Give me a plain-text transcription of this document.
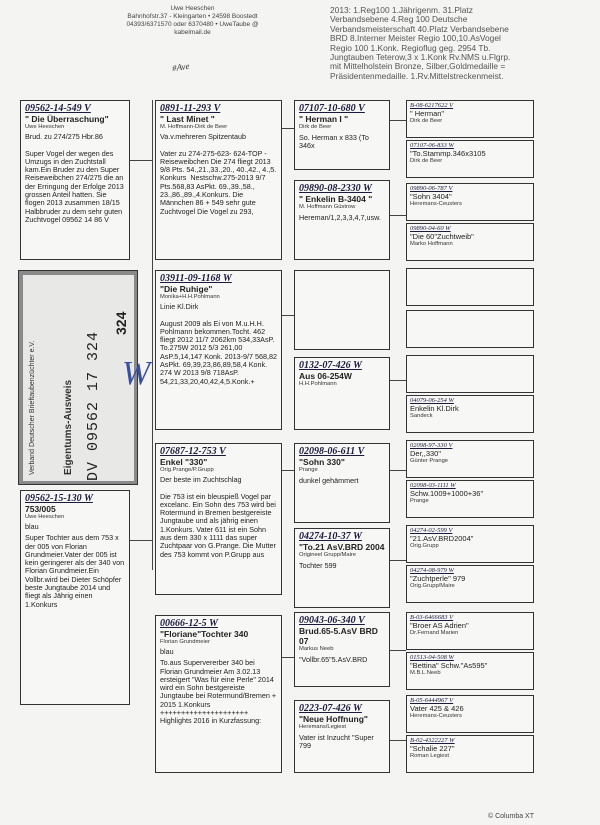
Uwe Heeschen
Bahnhofstr.37 - Kleingarten • 24598 Boostedt
04393/6371570 oder 6370480 • UweTaube @ kabelmail.de
2013: 1.Reg100 1.Jährigenm. 31.Platz
Verbandsebene 4.Reg 100 Deutsche
Verbandsmeisterschaft 40.Platz Verbandsebene
BRD 8.Interner Meister Regio 100,10.AsVogel
Regio 100 1.Konk. Regioflug geg. 2954 Tb.
Jungtauben Teterow,3 x 1.Konk Rv.NMS u.Flgrp.
mit Mittelholstein Bronze, Silber,Goldmedaille =
Präsidentenmedaille. 1.Rv.Mittelstreckenmeist.
#Ave
09562-14-549 V
" Die Überraschung"
Uwe Heeschen
Brud. zu 274/275 Hbr.86

Super Vogel der wegen des Umzugs in den Zuchtstall kam.Ein Bruder zu den Super Reiseweibchen 274/275 die an der Erringung der Erfolge 2013 grossen Anteil hatten. Sie flogen 2013 zusammen 18/15
Halbbruder zu dem sehr guten Zuchtvogel 09562 14 86 V
Verband Deutscher Brieftaubenzüchter e.V.	Eigentums-Ausweis DV 09562 17 324
324
W
09562-15-130 W
753/005
Uwe Heeschen
blau
Super Tochter aus dem 753 x der 005 von Florian Grundmeier.Vater der 005 ist kein geringerer als der 340 von Florian Grundmeier.Ein Vollbr.wird bei Dieter Schöpfer beste Jungtaube 2014 und fliegt als Jährig einen 1.Konkurs
0891-11-293 V
" Last Minet "
M. Hoffmann-Dirk de Beer
Va.v.mehreren Spitzentaub

Vater zu 274-275-623- 624-TOP - Reiseweibchen Die 274 fliegt 2013 9/8 Pts. 54.,21.,33.,20., 40.,42., 4.,5. Konkurs  Nestschw.275-2013 9/7 Pts.568,83 AsPkt. 69.,39.,58., 23.,86.,89.,4.Konkurs. Die Männchen 86 + 549 sehr gute Zuchtvogel Die Vogel zu 293,
03911-09-1168 W
"Die Ruhige"
Monika+H.H.Pohlmann
Linie Kl.Dirk

August 2009 als Ei von M.u.H.H. Pohlmann bekommen.Tocht. 462 fliegt 2012 11/7 2062km 534,33AsP. To.275W 2012 5/3 261,00 AsP.5,14,147 Konk. 2013-9/7 568,82 AsPkt. 69,39,23,86,89,58,4 Konk. 274 W 2013 9/8 718AsP. 54,21,33,20,40,42,4,5.Konk.+
07687-12-753 V
Enkel "330"
Orig.Prange/P.Grupp
Der beste im Zuchtschlag

Die 753 ist ein bleuspieß Vogel par excelanc. Ein Sohn des 753 wird bei Rotermund in Bremen bestgereiste Jungtaube und als jährig einen 1.Konkurs. Vater 611 ist ein Sohn aus dem 330 x 1111 das super Zuchtpaar von G.Prange. Die Mutter des 753 kommt von P.Grupp aus
00666-12-5 W
"Floriane"Tochter 340
Florian Grundmeier
blau
To.aus Supervererber 340 bei Florian Grundmeier Am 3.02.13 ersteigert "Was für eine Perle" 2014 wird ein Sohn bestgereiste Jungtaube bei Rotermund/Bremen + 2015 1.Konkurs
+++++++++++++++++++++
Highlights 2016 in Kurzfassung:
07107-10-680 V
" Herman I "
Dirk de Beer
So. Herman x 833 (To 346x
09890-08-2330 W
" Enkelin B-3404 "
M. Hoffmann Güstrow
Hereman/1,2,3,3,4,7,usw.
0132-07-426 W
Aus 06-254W
H.H.Pohlmann
02098-06-611 V
"Sohn 330"
Prange
dunkel gehämmert
04274-10-37 W
"To.21 AsV.BRD 2004
Origineel Grupp/Maire
Tochter 599
09043-06-340 V
Brud.65-5.AsV BRD 07
Markus Neeb
"Vollbr.65"5.AsV.BRD
0223-07-426 W
"Neue Hoffnung"
Heremans/Legiest
Vater ist Inzucht "Super 799
B-08-6217622 V
" Herman"
Dirk de Beer
07107-06-833 W
"To.Stammp.346x3105
Dirk de Beer
09890-06-787 V
"Sohn 3404"
Heremans-Ceusters
09890-04-60 W
"Die 60"Zuchtweib"
Marko Hoffmann
04079-06-254 W
Enkelin Kl.Dirk
Sandeck
02098-97-330 V
Der,,330"
Günter Prange
02098-03-1111 W
Schw.1009+1000+36"
Prange
04274-02-599 V
"21.AsV.BRD2004"
Orig.Grupp
04274-08-979 W
"Zuchtperle" 979
Orig.Grupp/Maire
B-03-6466683 V
"Broer AS Adrien"
Dr.Fernand Marien
01513-04-508 W
"Bettina" Schw."As595"
M.B.L.Neeb
B-05-6444967 V
Vater 425 & 426
Heremans-Ceusters
B-02-4322227 W
"Schalie 227"
Roman Legiest
© Columba XT
